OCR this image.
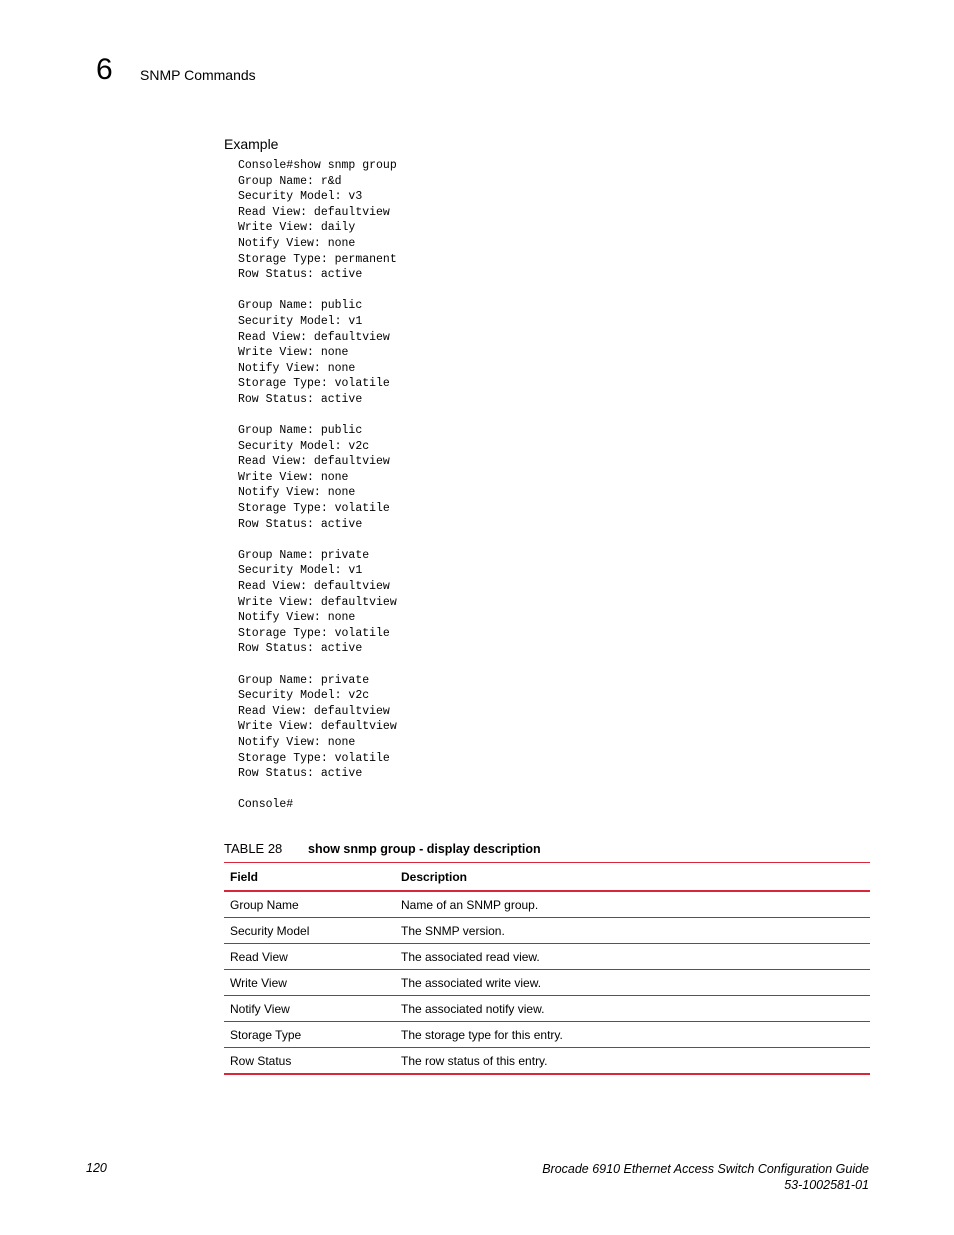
6 SNMP Commands
Example
Console#show snmp group
Group Name: r&d
Security Model: v3
Read View: defaultview
Write View: daily
Notify View: none
Storage Type: permanent
Row Status: active

Group Name: public
Security Model: v1
Read View: defaultview
Write View: none
Notify View: none
Storage Type: volatile
Row Status: active

Group Name: public
Security Model: v2c
Read View: defaultview
Write View: none
Notify View: none
Storage Type: volatile
Row Status: active

Group Name: private
Security Model: v1
Read View: defaultview
Write View: defaultview
Notify View: none
Storage Type: volatile
Row Status: active

Group Name: private
Security Model: v2c
Read View: defaultview
Write View: defaultview
Notify View: none
Storage Type: volatile
Row Status: active

Console#
TABLE 28 show snmp group - display description
Field	Description
Group Name	Name of an SNMP group.
Security Model	The SNMP version.
Read View	The associated read view.
Write View	The associated write view.
Notify View	The associated notify view.
Storage Type	The storage type for this entry.
Row Status	The row status of this entry.
120	Brocade 6910 Ethernet Access Switch Configuration Guide
53-1002581-01
